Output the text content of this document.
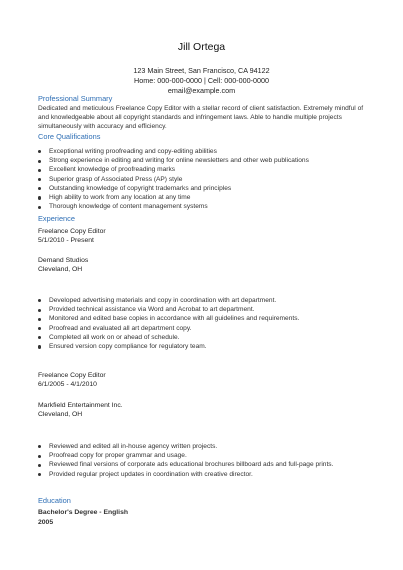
Jill Ortega
123 Main Street, San Francisco, CA 94122
Home: 000-000-0000 | Cell: 000-000-0000
email@example.com
Professional Summary
Dedicated and meticulous Freelance Copy Editor with a stellar record of client satisfaction. Extremely mindful of and knowledgeable about all copyright standards and infringement laws. Able to handle multiple projects simultaneously with accuracy and efficiency.
Core Qualifications
Exceptional writing proofreading and copy-editing abilities
Strong experience in editing and writing for online newsletters and other web publications
Excellent knowledge of proofreading marks
Superior grasp of Associated Press (AP) style
Outstanding knowledge of copyright trademarks and principles
High ability to work from any location at any time
Thorough knowledge of content management systems
Experience
Freelance Copy Editor
5/1/2010 - Present
Demand Studios
Cleveland, OH
Developed advertising materials and copy in coordination with art department.
Provided technical assistance via Word and Acrobat to art department.
Monitored and edited base copies in accordance with all guidelines and requirements.
Proofread and evaluated all art department copy.
Completed all work on or ahead of schedule.
Ensured version copy compliance for regulatory team.
Freelance Copy Editor
6/1/2005 - 4/1/2010
Markfield Entertainment Inc.
Cleveland, OH
Reviewed and edited all in-house agency written projects.
Proofread copy for proper grammar and usage.
Reviewed final versions of corporate ads educational brochures billboard ads and full-page prints.
Provided regular project updates in coordination with creative director.
Education
Bachelor's Degree - English
2005
